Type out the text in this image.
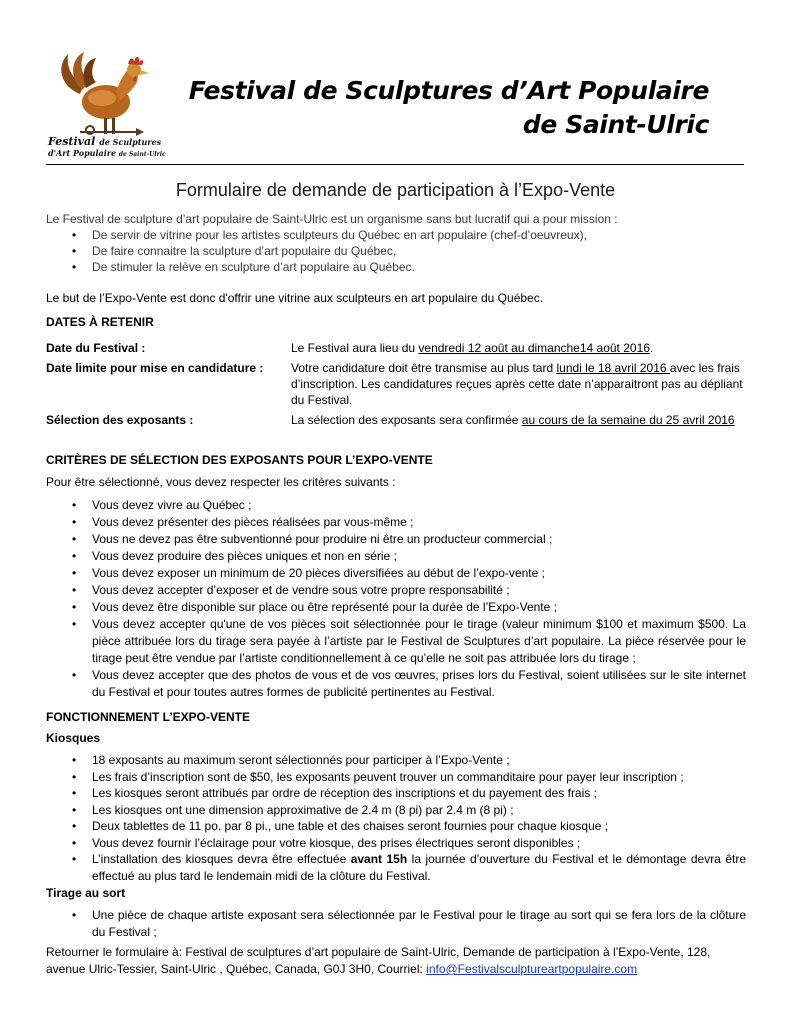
Festival de Sculptures
d'Art Populaire de Saint-Ulric
Festival de Sculptures d’Art Populaire
de Saint-Ulric
Formulaire de demande de participation à l’Expo-Vente
Le Festival de sculpture d’art populaire de Saint-Ulric est un organisme sans but lucratif qui a pour mission :
• De servir de vitrine pour les artistes sculpteurs du Québec en art populaire (chef-d’oeuvreux),
• De faire connaitre la sculpture d’art populaire du Québec,
• De stimuler la relève en sculpture d’art populaire au Québec.
Le but de l’Expo-Vente est donc d'offrir une vitrine aux sculpteurs en art populaire du Québec.
DATES À RETENIR
Date du Festival :	Le Festival aura lieu du vendredi 12 août au dimanche14 août 2016.
Date limite pour mise en candidature :	Votre candidature doit être transmise au plus tard lundi le 18 avril 2016 avec les frais d’inscription. Les candidatures reçues après cette date n’apparaitront pas au dépliant du Festival.
Sélection des exposants :	La sélection des exposants sera confirmée au cours de la semaine du 25 avril 2016
CRITÈRES DE SÉLECTION DES EXPOSANTS POUR L’EXPO-VENTE
Pour être sélectionné, vous devez respecter les critères suivants :
• Vous devez vivre au Québec ;
• Vous devez présenter des pièces réalisées par vous-même ;
• Vous ne devez pas être subventionné pour produire ni être un producteur commercial ;
• Vous devez produire des pièces uniques et non en série ;
• Vous devez exposer un minimum de 20 pièces diversifiées au début de l’expo-vente ;
• Vous devez accepter d’exposer et de vendre sous votre propre responsabilité ;
• Vous devez être disponible sur place ou être représenté pour la durée de l’Expo-Vente ;
• Vous devez accepter qu'une de vos pièces soit sélectionnée pour le tirage (valeur minimum $100 et maximum $500. La pièce attribuée lors du tirage sera payée à l’artiste par le Festival de Sculptures d’art populaire. La pièce réservée pour le tirage peut être vendue par l’artiste conditionnellement à ce qu’elle ne soit pas attribuée lors du tirage ;
• Vous devez accepter que des photos de vous et de vos œuvres, prises lors du Festival, soient utilisées sur le site internet du Festival et pour toutes autres formes de publicité pertinentes au Festival.
FONCTIONNEMENT L’EXPO-VENTE
Kiosques
• 18 exposants au maximum seront sélectionnés pour participer à l’Expo-Vente ;
• Les frais d’inscription sont de $50, les exposants peuvent trouver un commanditaire pour payer leur inscription ;
• Les kiosques seront attribués par ordre de réception des inscriptions et du payement des frais ;
• Les kiosques ont une dimension approximative de 2.4 m (8 pi) par 2.4 m (8 pi) ;
• Deux tablettes de 11 po. par 8 pi., une table et des chaises seront fournies pour chaque kiosque ;
• Vous devez fournir l’éclairage pour votre kiosque, des prises électriques seront disponibles ;
• L’installation des kiosques devra être effectuée avant 15h la journée d’ouverture du Festival et le démontage devra être effectué au plus tard le lendemain midi de la clôture du Festival.
Tirage au sort
• Une pièce de chaque artiste exposant sera sélectionnée par le Festival pour le tirage au sort qui se fera lors de la clôture du Festival ;
Retourner le formulaire à: Festival de sculptures d’art populaire de Saint-Ulric, Demande de participation à l’Expo-Vente, 128, avenue Ulric-Tessier, Saint-Ulric , Québec, Canada, G0J 3H0, Courriel: info@Festivalsculptureartpopulaire.com
